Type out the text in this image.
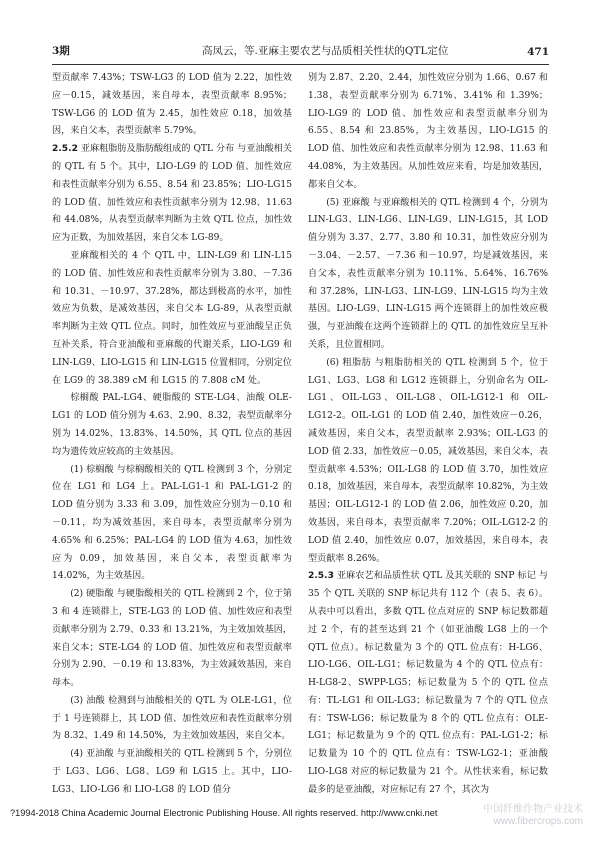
3期	高凤云，等.亚麻主要农艺与品质相关性状的QTL定位	471

型贡献率 7.43%；TSW-LG3 的 LOD 值为 2.22，加性效应－0.15，减效基因，来自母本，表型贡献率 8.95%；TSW-LG6 的 LOD 值为 2.45，加性效应 0.18，加效基因，来自父本，表型贡献率 5.79%。

2.5.2 亚麻粗脂肪及脂肪酸组成的 QTL 分布 与亚油酸相关的 QTL 有 5 个。其中，LIO-LG9 的 LOD 值、加性效应和表性贡献率分别为 6.55、8.54 和 23.85%；LIO-LG15 的 LOD 值、加性效应和表性贡献率分别为 12.98、11.63 和 44.08%，从表型贡献率判断为主效 QTL 位点，加性效应为正数，为加效基因，来自父本 LG-89。

亚麻酸相关的 4 个 QTL 中，LIN-LG9 和 LIN-L15 的 LOD 值、加性效应和表性贡献率分别为 3.80、－7.36 和 10.31、－10.97、37.28%，都达到极高的水平，加性效应为负数，是减效基因，来自父本 LG-89，从表型贡献率判断为主效 QTL 位点。同时，加性效应与亚油酸呈正负互补关系，符合亚油酸和亚麻酸的代谢关系，LIO-LG9 和 LIN-LG9、LIO-LG15 和 LIN-LG15 位置相同，分别定位在 LG9 的 38.389 cM 和 LG15 的 7.808 cM 处。

棕榈酸 PAL-LG4、硬脂酸的 STE-LG4、油酸 OLE-LG1 的 LOD 值分别为 4.63、2.90、8.32，表型贡献率分别为 14.02%、13.83%、14.50%，其 QTL 位点的基因均为遗传效应较高的主效基因。

(1) 棕榈酸 与棕榈酸相关的 QTL 检测到 3 个，分别定位在 LG1 和 LG4 上。PAL-LG1-1 和 PAL-LG1-2 的 LOD 值分别为 3.33 和 3.09，加性效应分别为－0.10 和－0.11，均为减效基因，来自母本，表型贡献率分别为 4.65% 和 6.25%；PAL-LG4 的 LOD 值为 4.63，加性效应为 0.09，加效基因，来自父本，表型贡献率为 14.02%，为主效基因。

(2) 硬脂酸 与硬脂酸相关的 QTL 检测到 2 个，位于第 3 和 4 连锁群上，STE-LG3 的 LOD 值、加性效应和表型贡献率分别为 2.79、0.33 和 13.21%，为主效加效基因，来自父本；STE-LG4 的 LOD 值、加性效应和表型贡献率分别为 2.90、－0.19 和 13.83%，为主效减效基因，来自母本。

(3) 油酸 检测到与油酸相关的 QTL 为 OLE-LG1，位于 1 号连锁群上，其 LOD 值、加性效应和表性贡献率分别为 8.32、1.49 和 14.50%，为主效加效基因，来自父本。

(4) 亚油酸 与亚油酸相关的 QTL 检测到 5 个，分别位于 LG3、LG6、LG8、LG9 和 LG15 上。其中，LIO-LG3、LIO-LG6 和 LIO-LG8 的 LOD 值分

别为 2.87、2.20、2.44，加性效应分别为 1.66、0.67 和 1.38，表型贡献率分别为 6.71%、3.41% 和 1.39%；LIO-LG9 的 LOD 值、加性效应和表型贡献率分别为 6.55、8.54 和 23.85%，为主效基因，LIO-LG15 的 LOD 值、加性效应和表性贡献率分别为 12.98、11.63 和 44.08%，为主效基因。从加性效应来看，均是加效基因，都来自父本。

(5) 亚麻酸 与亚麻酸相关的 QTL 检测到 4 个，分别为 LIN-LG3、LIN-LG6、LIN-LG9、LIN-LG15，其 LOD 值分别为 3.37、2.77、3.80 和 10.31，加性效应分别为－3.04、－2.57、－7.36 和－10.97，均是减效基因，来自父本，表性贡献率分别为 10.11%、5.64%、16.76% 和 37.28%，LIN-LG3、LIN-LG9、LIN-LG15 均为主效基因。LIO-LG9、LIN-LG15 两个连锁群上的加性效应极强，与亚油酸在这两个连锁群上的 QTL 的加性效应呈互补关系，且位置相同。

(6) 粗脂肪 与粗脂肪相关的 QTL 检测到 5 个，位于 LG1、LG3、LG8 和 LG12 连锁群上，分别命名为 OIL-LG1、OIL-LG3、OIL-LG8、OIL-LG12-1 和 OIL-LG12-2。OIL-LG1 的 LOD 值 2.40，加性效应－0.26，减效基因，来自父本，表型贡献率 2.93%；OIL-LG3 的 LOD 值 2.33，加性效应－0.05，减效基因，来自父本，表型贡献率 4.53%；OIL-LG8 的 LOD 值 3.70，加性效应 0.18，加效基因，来自母本，表型贡献率 10.82%，为主效基因；OIL-LG12-1 的 LOD 值 2.06，加性效应 0.20，加效基因，来自母本，表型贡献率 7.20%；OIL-LG12-2 的 LOD 值 2.40，加性效应 0.07，加效基因，来自母本，表型贡献率 8.26%。

2.5.3 亚麻农艺和品质性状 QTL 及其关联的 SNP 标记 与 35 个 QTL 关联的 SNP 标记共有 112 个（表 5、表 6）。从表中可以看出，多数 QTL 位点对应的 SNP 标记数都超过 2 个，有的甚至达到 21 个（如亚油酸 LG8 上的一个 QTL 位点）。标记数量为 3 个的 QTL 位点有：H-LG6、LIO-LG6、OIL-LG1；标记数量为 4 个的 QTL 位点有：H-LG8-2、SWPP-LG5；标记数量为 5 个的 QTL 位点有：TL-LG1 和 OIL-LG3；标记数量为 7 个的 QTL 位点有：TSW-LG6；标记数量为 8 个的 QTL 位点有：OLE-LG1；标记数量为 9 个的 QTL 位点有：PAL-LG1-2；标记数量为 10 个的 QTL 位点有：TSW-LG2-1；亚油酸 LIO-LG8 对应的标记数量为 21 个。从性状来看，标记数最多的是亚油酸，对应标记有 27 个，其次为

?1994-2018 China Academic Journal Electronic Publishing House. All rights reserved. http://www.cnki.net	中国纤维作物产业技术
www.fibercrops.com
